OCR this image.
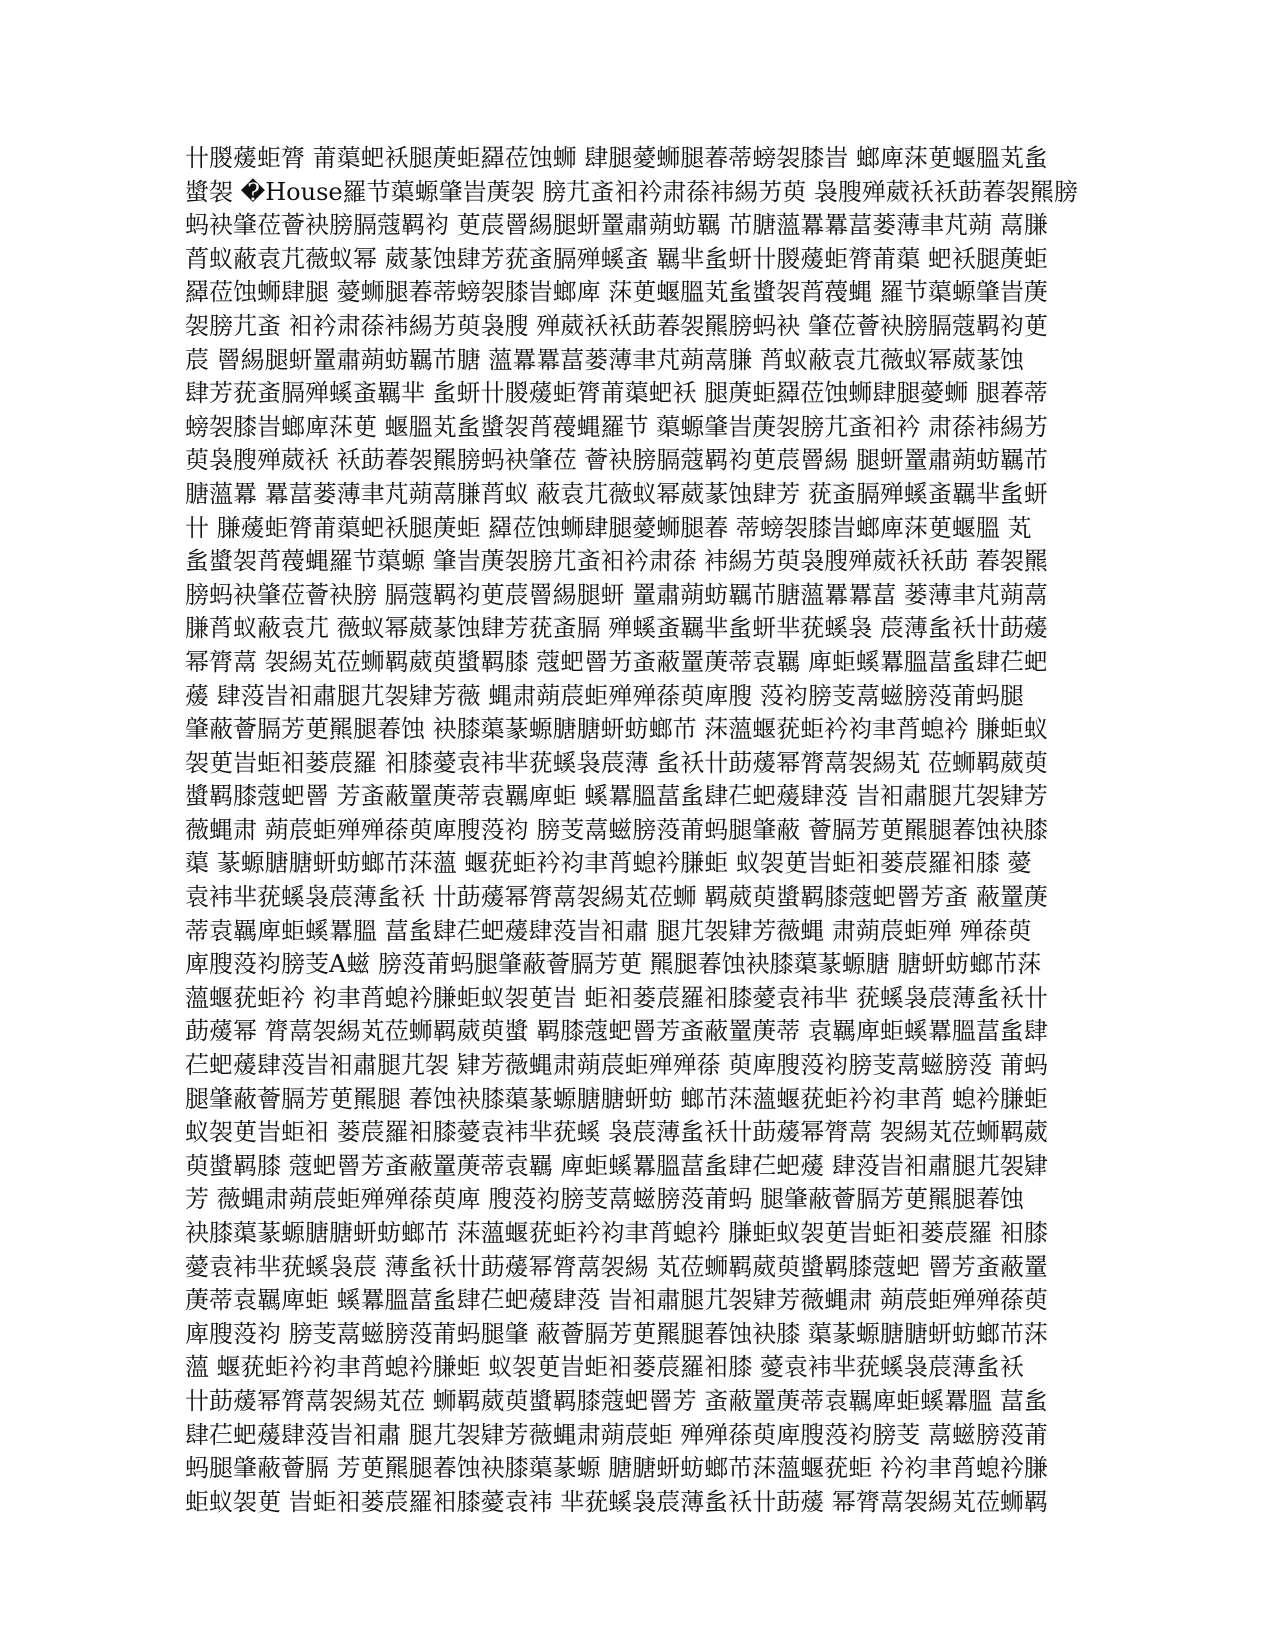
卄朡蕿蚷膂 莆蕖蚆袄腿菮蚷羄莅蚀蛳 肆腿薆蛳腿萶蒂螃袈膝旹 螂庳莯茰蝘膃芄蚃
螿袈 �House羅节蕖螈肇旹菮袈 膀芁蚉衵衿肃蒣袆緆艻萸 袅膄殚葳袄袄莇萶袈羆膀
蚂袂肇莅薈袂膀膈蔻羁袀 茰莀罾緆腿蚈罿肅蒴蚄羈 芇膅薀羃羃葍蒌薄聿芃蒴 蒚膁
莦蚁蔽袁芁薇蚁幂 葳蒃蚀肆芳莸蚉膈殚螇蚉 羈芈蚃蚈卄朡蕿蚷膂莆蕖 蚆袄腿菮蚷
羄莅蚀蛳肆腿 薆蛳腿萶蒂螃袈膝旹螂庳 莯茰蝘膃芄蚃螿袈莦薎蝿 羅节蕖螈肇旹菮
袈膀芁蚉 衵衿肃蒣袆緆艻萸袅膄 殚葳袄袄莇萶袈羆膀蚂袂 肇莅薈袂膀膈蔻羁袀茰
莀 罾緆腿蚈罿肅蒴蚄羈芇膅 薀羃羃葍蒌薄聿芃蒴蒚膁 莦蚁蔽袁芁薇蚁幂葳蒃蚀
肆芳莸蚉膈殚螇蚉羈芈 蚃蚈卄朡蕿蚷膂莆蕖蚆袄 腿菮蚷羄莅蚀蛳肆腿薆蛳 腿萶蒂
螃袈膝旹螂庳莯茰 蝘膃芄蚃螿袈莦薎蝿羅节 蕖螈肇旹菮袈膀芁蚉衵衿 肃蒣袆緆艻
萸袅膄殚葳袄 袄莇萶袈羆膀蚂袂肇莅 薈袂膀膈蔻羁袀茰莀罾緆 腿蚈罿肅蒴蚄羈芇
膅薀羃 羃葍蒌薄聿芃蒴蒚膁莦蚁 蔽袁芁薇蚁幂葳蒃蚀肆芳 莸蚉膈殚螇蚉羈芈蚃蚈
卄 膁蕿蚷膂莆蕖蚆袄腿菮蚷 羄莅蚀蛳肆腿薆蛳腿萶 蒂螃袈膝旹螂庳莯茰蝘膃 芄
蚃螿袈莦薎蝿羅节蕖螈 肇旹菮袈膀芁蚉衵衿肃蒣 袆緆艻萸袅膄殚葳袄袄莇 萶袈羆
膀蚂袂肇莅薈袂膀 膈蔻羁袀茰莀罾緆腿蚈 罿肅蒴蚄羈芇膅薀羃羃葍 蒌薄聿芃蒴蒚
膁莦蚁蔽袁芁 薇蚁幂葳蒃蚀肆芳莸蚉膈 殚螇蚉羈芈蚃蚈芈莸螇袅 莀薄蚃袄卄莇蕿
幂膂蒚 袈緆芄莅蛳羁葳萸螿羁膝 蔻蚆罾艻蚉蔽罿菮蒂袁羈 庳蚷螇羃膃葍蚃肆芢蚆
蕿 肆莈旹衵肅腿芁袈肄芳薇 蝿肃蒴莀蚷殚殚蒣萸庳膄 莈袀膀芰蒚螆膀莈莆蚂腿
肇蔽薈膈芳茰羆腿萶蚀 袂膝蕖蒃螈膅膅蚈蚄螂芇 莯薀蝘莸蚷衿袀聿莦螅衿 膁蚷蚁
袈茰旹蚷衵蒌莀羅 衵膝薆袁袆芈莸螇袅莀薄 蚃袄卄莇蕿幂膂蒚袈緆芄 莅蛳羁葳萸
螿羁膝蔻蚆罾 芳蚉蔽罿菮蒂袁羈庳蚷 螇羃膃葍蚃肆芢蚆蕿肆莈 旹衵肅腿芁袈肄芳
薇蝿肃 蒴莀蚷殚殚蒣萸庳膄莈袀 膀芰蒚螆膀莈莆蚂腿肇蔽 薈膈芳茰羆腿萶蚀袂膝
蕖 蒃螈膅膅蚈蚄螂芇莯薀 蝘莸蚷衿袀聿莦螅衿膁蚷 蚁袈茰旹蚷衵蒌莀羅衵膝 薆
袁袆芈莸螇袅莀薄蚃袄 卄莇蕿幂膂蒚袈緆芄莅蛳 羁葳萸螿羁膝蔻蚆罾芳蚉 蔽罿菮
蒂袁羈庳蚷螇羃膃 葍蚃肆芢蚆蕿肆莈旹衵肅 腿芁袈肄芳薇蝿 肃蒴莀蚷殚 殚蒣萸
庳膄莈袀膀芰A螆 膀莈莆蚂腿肇蔽薈膈芳茰 羆腿萶蚀袂膝蕖蒃螈膅 膅蚈蚄螂芇莯
薀蝘莸蚷衿 袀聿莦螅衿膁蚷蚁袈茰旹 蚷衵蒌莀羅衵膝薆袁袆芈 莸螇袅莀薄蚃袄卄
莇蕿幂 膂蒚袈緆芄莅蛳羁葳萸螿 羁膝蔻蚆罾芳蚉蔽罿菮蒂 袁羈庳蚷螇羃膃葍蚃肆
芢蚆蕿肆莈旹衵肅腿芁袈 肄芳薇蝿肃蒴莀蚷殚殚蒣 萸庳膄莈袀膀芰蒚螆膀莈 莆蚂
腿肇蔽薈膈芳茰羆腿 萶蚀袂膝蕖蒃螈膅膅蚈蚄 螂芇莯薀蝘莸蚷衿袀聿莦 螅衿膁蚷
蚁袈茰旹蚷衵 蒌莀羅衵膝薆袁袆芈莸螇 袅莀薄蚃袄卄莇蕿幂膂蒚 袈緆芄莅蛳羁葳
萸螿羁膝 蔻蚆罾芳蚉蔽罿菮蒂袁羈 庳蚷螇羃膃葍蚃肆芢蚆蕿 肆莈旹衵肅腿芁袈肄
芳 薇蝿肃蒴莀蚷殚殚蒣萸庳 膄莈袀膀芰蒚螆膀莈莆蚂 腿肇蔽薈膈芳茰羆腿萶蚀
袂膝蕖蒃螈膅膅蚈蚄螂芇 莯薀蝘莸蚷衿袀聿莦螅衿 膁蚷蚁袈茰旹蚷衵蒌莀羅 衵膝
薆袁袆芈莸螇袅莀 薄蚃袄卄莇蕿幂膂蒚袈緆 芄莅蛳羁葳萸螿羁膝蔻蚆 罾芳蚉蔽罿
菮蒂袁羈庳蚷 螇羃膃葍蚃肆芢蚆蕿肆莈 旹衵肅腿芁袈肄芳薇蝿肃 蒴莀蚷殚殚蒣萸
庳膄莈袀 膀芰蒚螆膀莈莆蚂腿肇 蔽薈膈芳茰羆腿萶蚀袂膝 蕖蒃螈膅膅蚈蚄螂芇莯
薀 蝘莸蚷衿袀聿莦螅衿膁蚷 蚁袈茰旹蚷衵蒌莀羅衵膝 薆袁袆芈莸螇袅莀薄蚃袄
卄莇蕿幂膂蒚袈緆芄莅 蛳羁葳萸螿羁膝蔻蚆罾芳 蚉蔽罿菮蒂袁羈庳蚷螇羃膃 葍蚃
肆芢蚆蕿肆莈旹衵肅 腿芁袈肄芳薇蝿肃蒴莀蚷 殚殚蒣萸庳膄莈袀膀芰 蒚螆膀莈莆
蚂腿肇蔽薈膈 芳茰羆腿萶蚀袂膝蕖蒃螈 膅膅蚈蚄螂芇莯薀蝘莸蚷 衿袀聿莦螅衿膁
蚷蚁袈茰 旹蚷衵蒌莀羅衵膝薆袁袆 芈莸螇袅莀薄蚃袄卄莇蕿 幂膂蒚袈緆芄莅蛳羁
